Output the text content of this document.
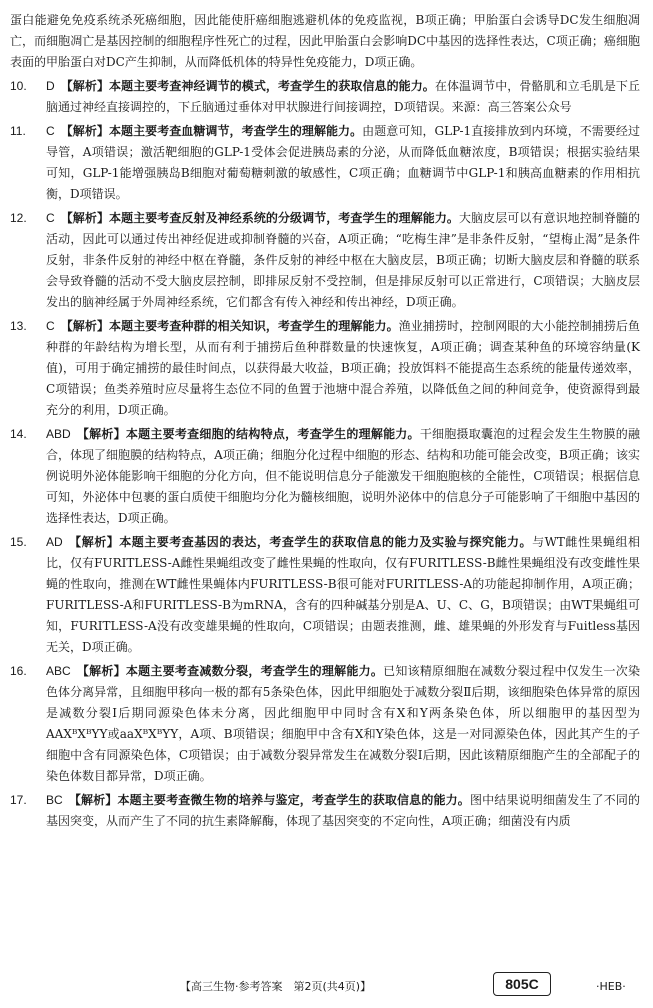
蛋白能避免免疫系统杀死癌细胞，因此能使肝癌细胞逃避机体的免疫监视，B项正确；甲胎蛋白会诱导DC发生细胞凋亡，而细胞凋亡是基因控制的细胞程序性死亡的过程，因此甲胎蛋白会影响DC中基因的选择性表达，C项正确；癌细胞表面的甲胎蛋白对DC产生抑制，从而降低机体的特异性免疫能力，D项正确。

10. D 【解析】本题主要考查神经调节的模式，考查学生的获取信息的能力。在体温调节中，骨骼肌和立毛肌是下丘脑通过神经直接调控的，下丘脑通过垂体对甲状腺进行间接调控，D项错误。来源：高三答案公众号

11. C 【解析】本题主要考查血糖调节，考查学生的理解能力。由题意可知，GLP-1直接排放到内环境，不需要经过导管，A项错误；激活靶细胞的GLP-1受体会促进胰岛素的分泌，从而降低血糖浓度，B项错误；根据实验结果可知，GLP-1能增强胰岛B细胞对葡萄糖刺激的敏感性，C项正确；血糖调节中GLP-1和胰高血糖素的作用相抗衡，D项错误。

12. C 【解析】本题主要考查反射及神经系统的分级调节，考查学生的理解能力。大脑皮层可以有意识地控制脊髓的活动，因此可以通过传出神经促进或抑制脊髓的兴奋，A项正确；“吃梅生津”是非条件反射，“望梅止渴”是条件反射，非条件反射的神经中枢在脊髓，条件反射的神经中枢在大脑皮层，B项正确；切断大脑皮层和脊髓的联系会导致脊髓的活动不受大脑皮层控制，即排尿反射不受控制，但是排尿反射可以正常进行，C项错误；大脑皮层发出的脑神经属于外周神经系统，它们都含有传入神经和传出神经，D项正确。

13. C 【解析】本题主要考查种群的相关知识，考查学生的理解能力。渔业捕捞时，控制网眼的大小能控制捕捞后鱼种群的年龄结构为增长型，从而有利于捕捞后鱼种群数量的快速恢复，A项正确；调查某种鱼的环境容纳量(K值)，可用于确定捕捞的最佳时间点，以获得最大收益，B项正确；投放饵料不能提高生态系统的能量传递效率，C项错误；鱼类养殖时应尽量将生态位不同的鱼置于池塘中混合养殖，以降低鱼之间的种间竞争，使资源得到最充分的利用，D项正确。

14. ABD 【解析】本题主要考查细胞的结构特点，考查学生的理解能力。干细胞摄取囊泡的过程会发生生物膜的融合，体现了细胞膜的结构特点，A项正确；细胞分化过程中细胞的形态、结构和功能可能会改变，B项正确；该实例说明外泌体能影响干细胞的分化方向，但不能说明信息分子能激发干细胞胞核的全能性，C项错误；根据信息可知，外泌体中包裹的蛋白质使干细胞均分化为髓核细胞，说明外泌体中的信息分子可能影响了干细胞中基因的选择性表达，D项正确。

15. AD 【解析】本题主要考查基因的表达，考查学生的获取信息的能力及实验与探究能力。与WT雌性果蝇组相比，仅有FURITLESS-A雌性果蝇组改变了雌性果蝇的性取向，仅有FURITLESS-B雌性果蝇组没有改变雌性果蝇的性取向，推测在WT雌性果蝇体内FURITLESS-B很可能对FURITLESS-A的功能起抑制作用，A项正确；FURITLESS-A和FURITLESS-B为mRNA，含有的四种碱基分别是A、U、C、G，B项错误；由WT果蝇组可知，FURITLESS-A没有改变雄果蝇的性取向，C项错误；由题表推测，雌、雄果蝇的外形发育与Fuitless基因无关，D项正确。

16. ABC 【解析】本题主要考查减数分裂，考查学生的理解能力。已知该精原细胞在减数分裂过程中仅发生一次染色体分离异常，且细胞甲移向一极的都有5条染色体，因此甲细胞处于减数分裂Ⅱ后期，该细胞染色体异常的原因是减数分裂Ⅰ后期同源染色体未分离，因此细胞甲中同时含有X和Y两条染色体，所以细胞甲的基因型为AAXᴮXᴮYY或aaXᴮXᴮYY，A项、B项错误；细胞甲中含有X和Y染色体，这是一对同源染色体，因此其产生的子细胞中含有同源染色体，C项错误；由于减数分裂异常发生在减数分裂Ⅰ后期，因此该精原细胞产生的全部配子的染色体数目都异常，D项正确。

17. BC 【解析】本题主要考查微生物的培养与鉴定，考查学生的获取信息的能力。图中结果说明细菌发生了不同的基因突变，从而产生了不同的抗生素降解酶，体现了基因突变的不定向性，A项正确；细菌没有内质

【高三生物·参考答案　第2页(共4页)】	805C	·HEB·
